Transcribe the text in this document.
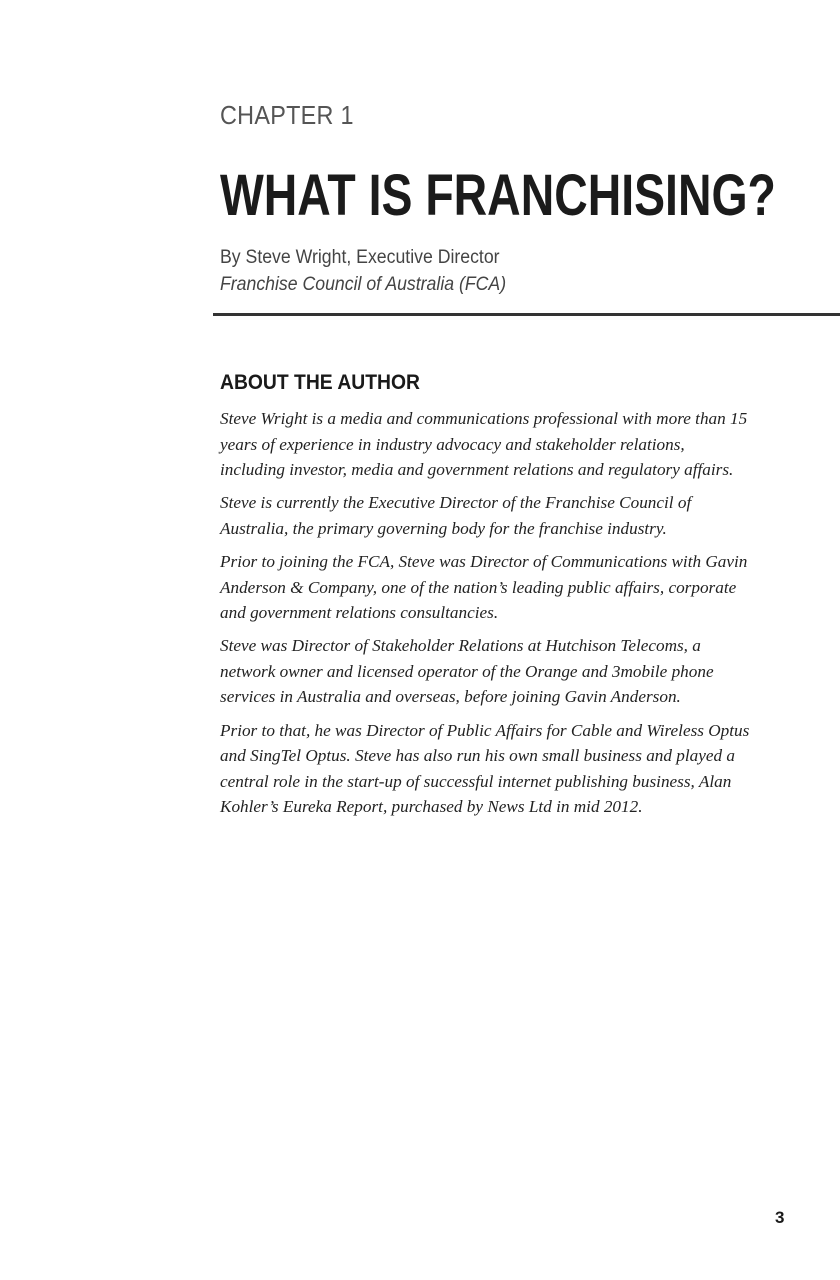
CHAPTER 1
WHAT IS FRANCHISING?
By Steve Wright, Executive Director
Franchise Council of Australia (FCA)
ABOUT THE AUTHOR

Steve Wright is a media and communications professional with more than 15 years of experience in industry advocacy and stakeholder relations, including investor, media and government relations and regulatory affairs.

Steve is currently the Executive Director of the Franchise Council of Australia, the primary governing body for the franchise industry.

Prior to joining the FCA, Steve was Director of Communications with Gavin Anderson & Company, one of the nation’s leading public affairs, corporate and government relations consultancies.

Steve was Director of Stakeholder Relations at Hutchison Telecoms, a network owner and licensed operator of the Orange and 3mobile phone services in Australia and overseas, before joining Gavin Anderson.

Prior to that, he was Director of Public Affairs for Cable and Wireless Optus and SingTel Optus. Steve has also run his own small business and played a central role in the start-up of successful internet publishing business, Alan Kohler’s Eureka Report, purchased by News Ltd in mid 2012.

3
